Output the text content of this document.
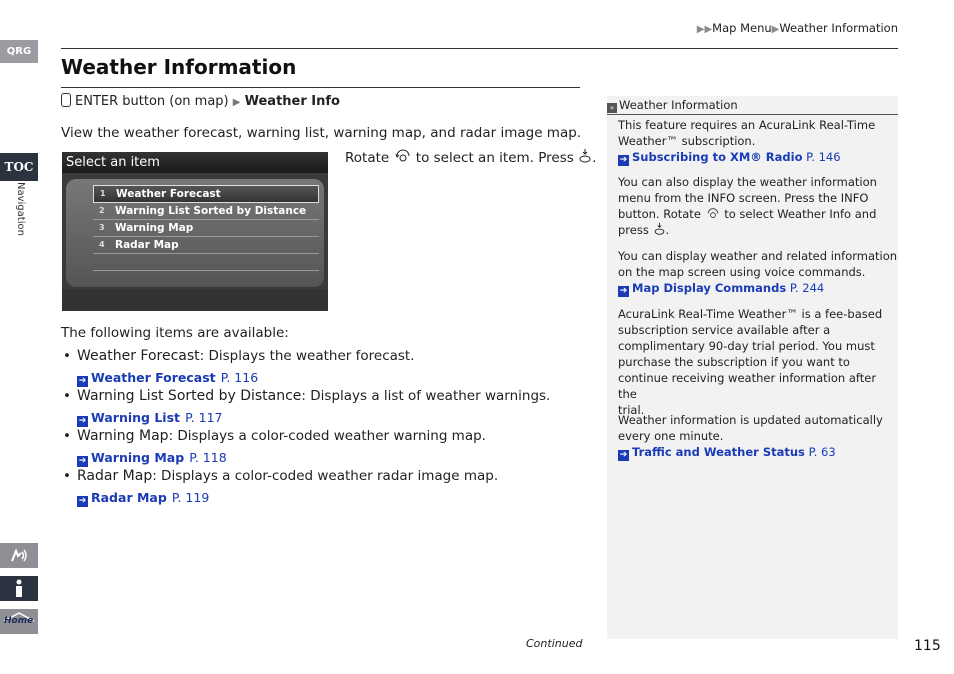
QRG
TOC
Navigation
Home
▶▶Map Menu▶Weather Information
Weather Information
ENTER button (on map) ▶ Weather Info
View the weather forecast, warning list, warning map, and radar image map.
Select an item
1 Weather Forecast
2 Warning List Sorted by Distance
3 Warning Map
4 Radar Map
Rotate to select an item. Press .
The following items are available:
• Weather Forecast: Displays the weather forecast.
➔ Weather Forecast P. 116
• Warning List Sorted by Distance: Displays a list of weather warnings.
➔ Warning List P. 117
• Warning Map: Displays a color-coded weather warning map.
➔ Warning Map P. 118
• Radar Map: Displays a color-coded weather radar image map.
➔ Radar Map P. 119
» Weather Information
This feature requires an AcuraLink Real-Time
Weather™ subscription.
➔ Subscribing to XM® Radio P. 146
You can also display the weather information
menu from the INFO screen. Press the INFO
button. Rotate to select Weather Info and
press .
You can display weather and related information
on the map screen using voice commands.
➔ Map Display Commands P. 244
AcuraLink Real-Time Weather™ is a fee-based
subscription service available after a
complimentary 90-day trial period. You must
purchase the subscription if you want to
continue receiving weather information after the
trial.
Weather information is updated automatically
every one minute.
➔ Traffic and Weather Status P. 63
Continued	115
